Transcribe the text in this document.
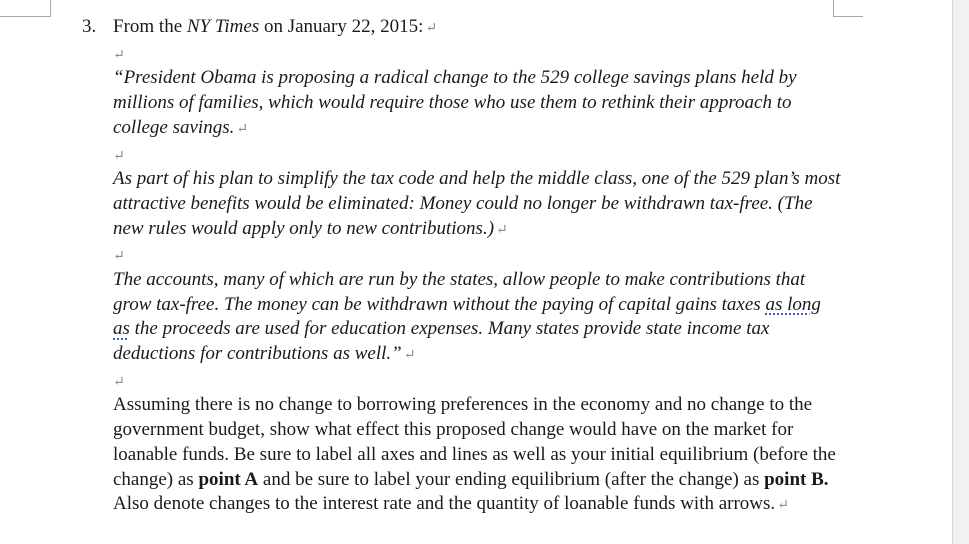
3. From the NY Times on January 22, 2015: ↵
↵

“President Obama is proposing a radical change to the 529 college savings plans held by millions of families, which would require those who use them to rethink their approach to college savings. ↵

↵

As part of his plan to simplify the tax code and help the middle class, one of the 529 plan’s most attractive benefits would be eliminated: Money could no longer be withdrawn tax-free. (The new rules would apply only to new contributions.) ↵

↵

The accounts, many of which are run by the states, allow people to make contributions that grow tax-free. The money can be withdrawn without the paying of capital gains taxes as long as the proceeds are used for education expenses. Many states provide state income tax deductions for contributions as well.” ↵

↵

Assuming there is no change to borrowing preferences in the economy and no change to the government budget, show what effect this proposed change would have on the market for loanable funds. Be sure to label all axes and lines as well as your initial equilibrium (before the change) as point A and be sure to label your ending equilibrium (after the change) as point B. Also denote changes to the interest rate and the quantity of loanable funds with arrows. ↵
